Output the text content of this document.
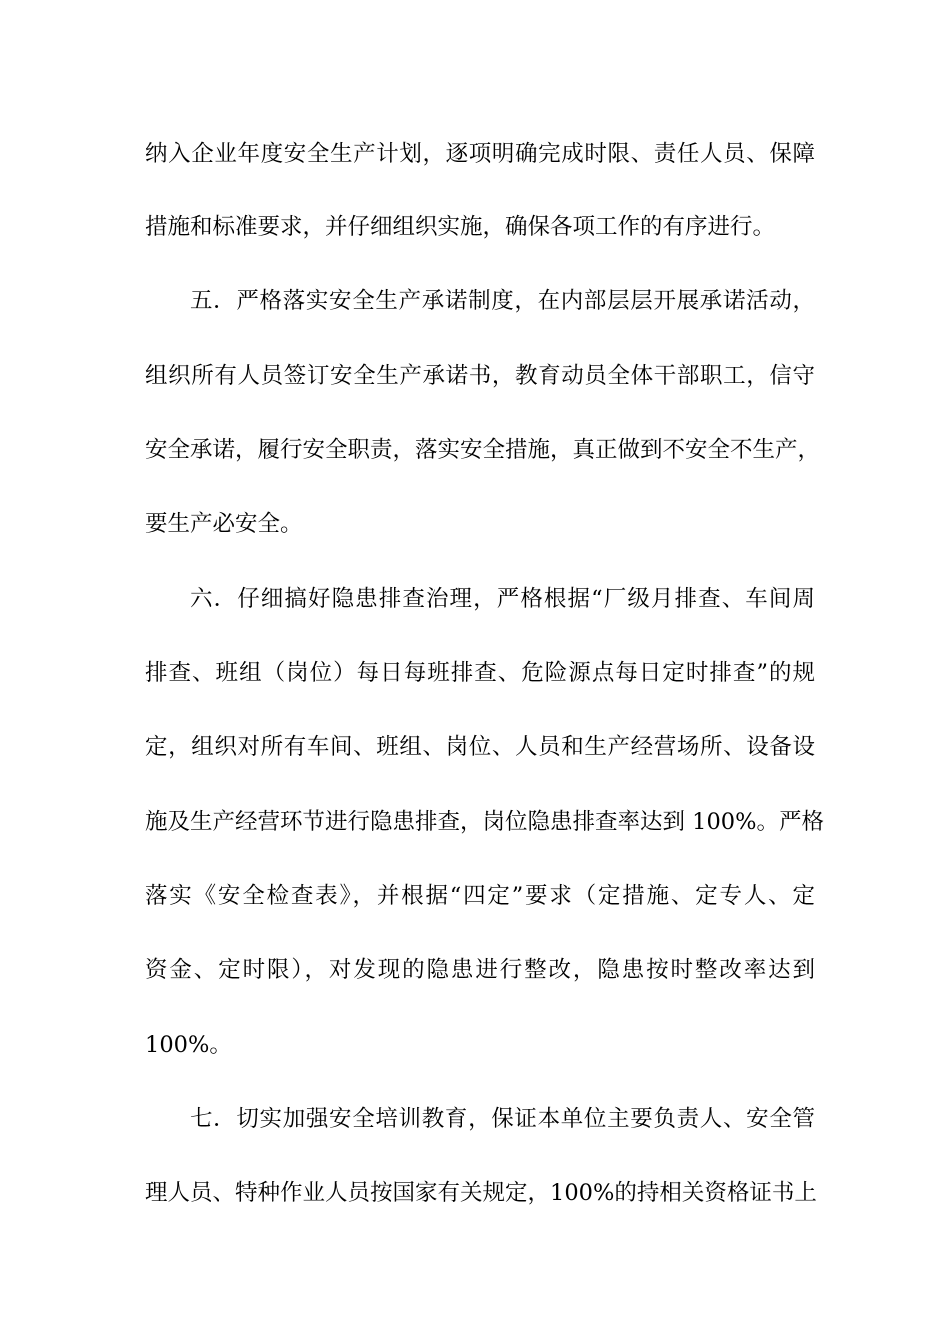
纳入企业年度安全生产计划，逐项明确完成时限、责任人员、保障
措施和标准要求，并仔细组织实施，确保各项工作的有序进行。
五．严格落实安全生产承诺制度，在内部层层开展承诺活动，
组织所有人员签订安全生产承诺书，教育动员全体干部职工，信守
安全承诺，履行安全职责，落实安全措施，真正做到不安全不生产，
要生产必安全。
六．仔细搞好隐患排查治理，严格根据“厂级月排查、车间周
排查、班组（岗位）每日每班排查、危险源点每日定时排查”的规
定，组织对所有车间、班组、岗位、人员和生产经营场所、设备设
施及生产经营环节进行隐患排查，岗位隐患排查率达到 100%。严格
落实《安全检查表》，并根据“四定”要求（定措施、定专人、定
资金、定时限），对发现的隐患进行整改，隐患按时整改率达到
100%。
七．切实加强安全培训教育，保证本单位主要负责人、安全管
理人员、特种作业人员按国家有关规定，100%的持相关资格证书上
